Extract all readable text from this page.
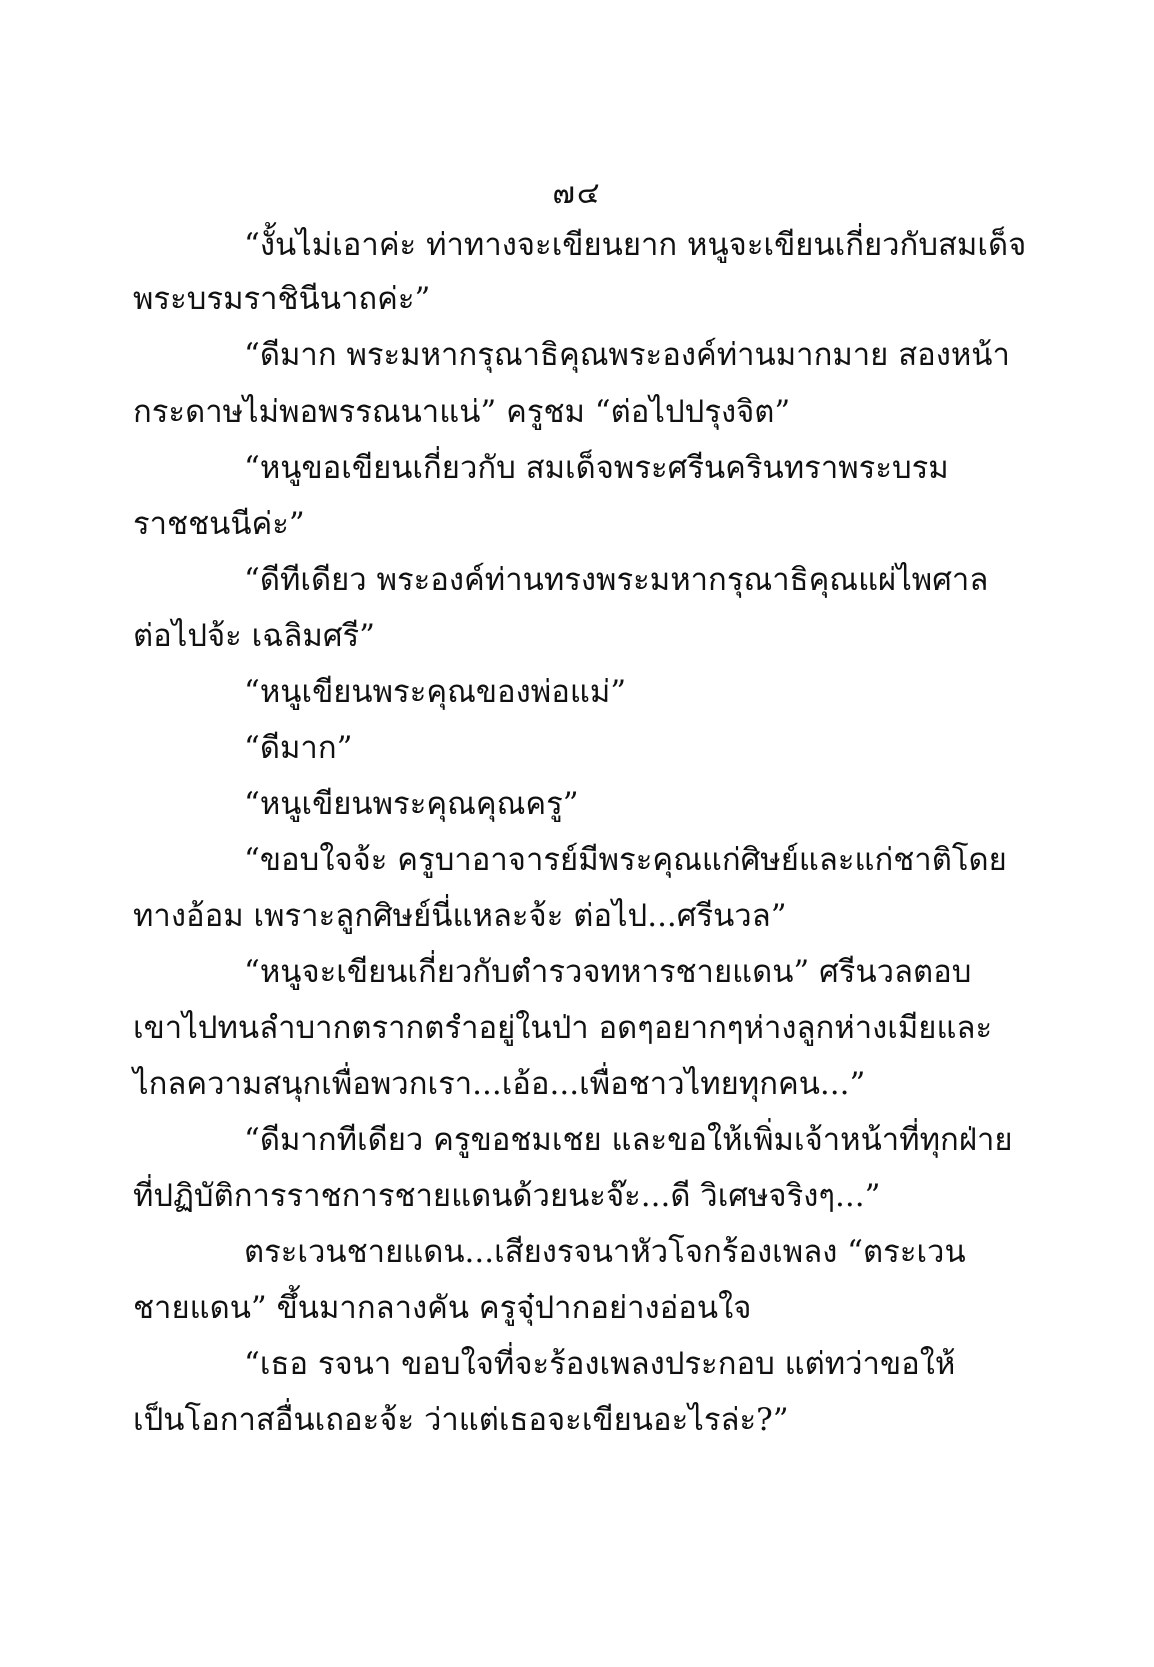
๗๔
“งั้นไม่เอาค่ะ ท่าทางจะเขียนยาก หนูจะเขียนเกี่ยวกับสมเด็จ
พระบรมราชินีนาถค่ะ”
“ดีมาก พระมหากรุณาธิคุณพระองค์ท่านมากมาย สองหน้า
กระดาษไม่พอพรรณนาแน่” ครูชม “ต่อไปปรุงจิต”
“หนูขอเขียนเกี่ยวกับ สมเด็จพระศรีนครินทราพระบรม
ราชชนนีค่ะ”
“ดีทีเดียว พระองค์ท่านทรงพระมหากรุณาธิคุณแผ่ไพศาล
ต่อไปจ้ะ เฉลิมศรี”
“หนูเขียนพระคุณของพ่อแม่”
“ดีมาก”
“หนูเขียนพระคุณคุณครู”
“ขอบใจจ้ะ ครูบาอาจารย์มีพระคุณแก่ศิษย์และแก่ชาติโดย
ทางอ้อม เพราะลูกศิษย์นี่แหละจ้ะ ต่อไป...ศรีนวล”
“หนูจะเขียนเกี่ยวกับตำรวจทหารชายแดน” ศรีนวลตอบ
เขาไปทนลำบากตรากตรำอยู่ในป่า อดๆอยากๆห่างลูกห่างเมียและ
ไกลความสนุกเพื่อพวกเรา...เอ้อ...เพื่อชาวไทยทุกคน...”
“ดีมากทีเดียว ครูขอชมเชย และขอให้เพิ่มเจ้าหน้าที่ทุกฝ่าย
ที่ปฏิบัติการราชการชายแดนด้วยนะจ๊ะ...ดี วิเศษจริงๆ...”
ตระเวนชายแดน...เสียงรจนาหัวโจกร้องเพลง “ตระเวน
ชายแดน” ขึ้นมากลางคัน ครูจุ๋ปากอย่างอ่อนใจ
“เธอ รจนา ขอบใจที่จะร้องเพลงประกอบ แต่ทว่าขอให้
เป็นโอกาสอื่นเถอะจ้ะ ว่าแต่เธอจะเขียนอะไรล่ะ?”
